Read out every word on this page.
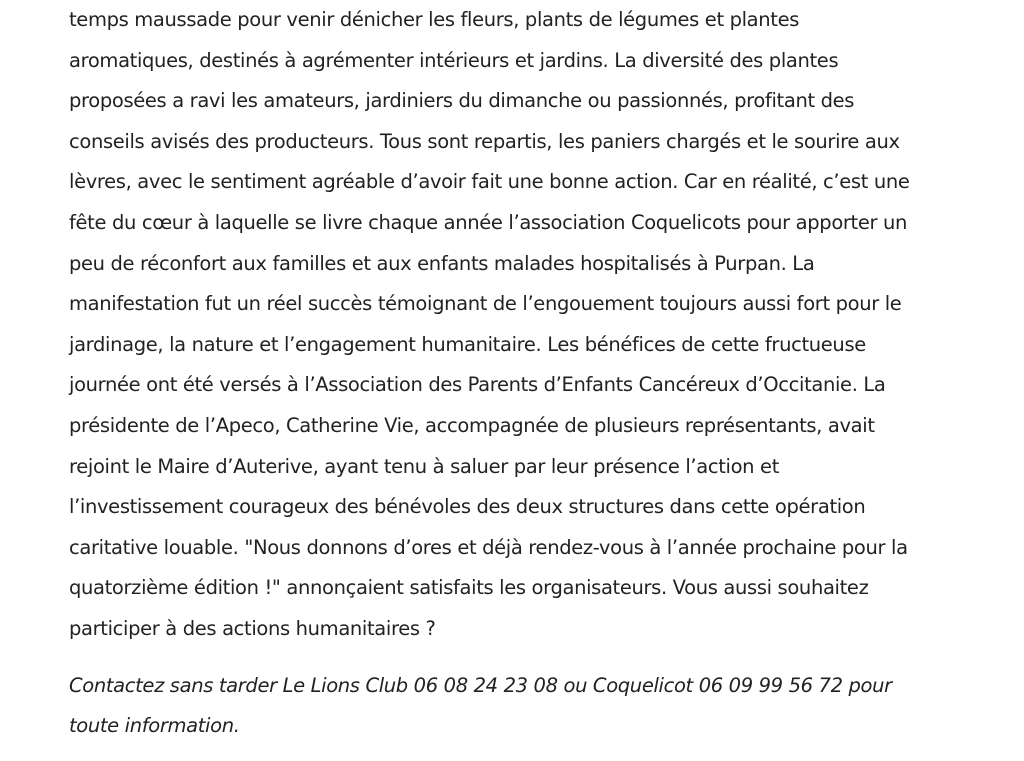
temps maussade pour venir dénicher les fleurs, plants de légumes et plantes
aromatiques, destinés à agrémenter intérieurs et jardins. La diversité des plantes
proposées a ravi les amateurs, jardiniers du dimanche ou passionnés, profitant des
conseils avisés des producteurs. Tous sont repartis, les paniers chargés et le sourire aux
lèvres, avec le sentiment agréable d’avoir fait une bonne action. Car en réalité, c’est une
fête du cœur à laquelle se livre chaque année l’association Coquelicots pour apporter un
peu de réconfort aux familles et aux enfants malades hospitalisés à Purpan. La
manifestation fut un réel succès témoignant de l’engouement toujours aussi fort pour le
jardinage, la nature et l’engagement humanitaire. Les bénéfices de cette fructueuse
journée ont été versés à l’Association des Parents d’Enfants Cancéreux d’Occitanie. La
présidente de l’Apeco, Catherine Vie, accompagnée de plusieurs représentants, avait
rejoint le Maire d’Auterive, ayant tenu à saluer par leur présence l’action et
l’investissement courageux des bénévoles des deux structures dans cette opération
caritative louable. "Nous donnons d’ores et déjà rendez-vous à l’année prochaine pour la
quatorzième édition !" annonçaient satisfaits les organisateurs. Vous aussi souhaitez
participer à des actions humanitaires ?
Contactez sans tarder Le Lions Club 06 08 24 23 08 ou Coquelicot 06 09 99 56 72 pour
toute information.
